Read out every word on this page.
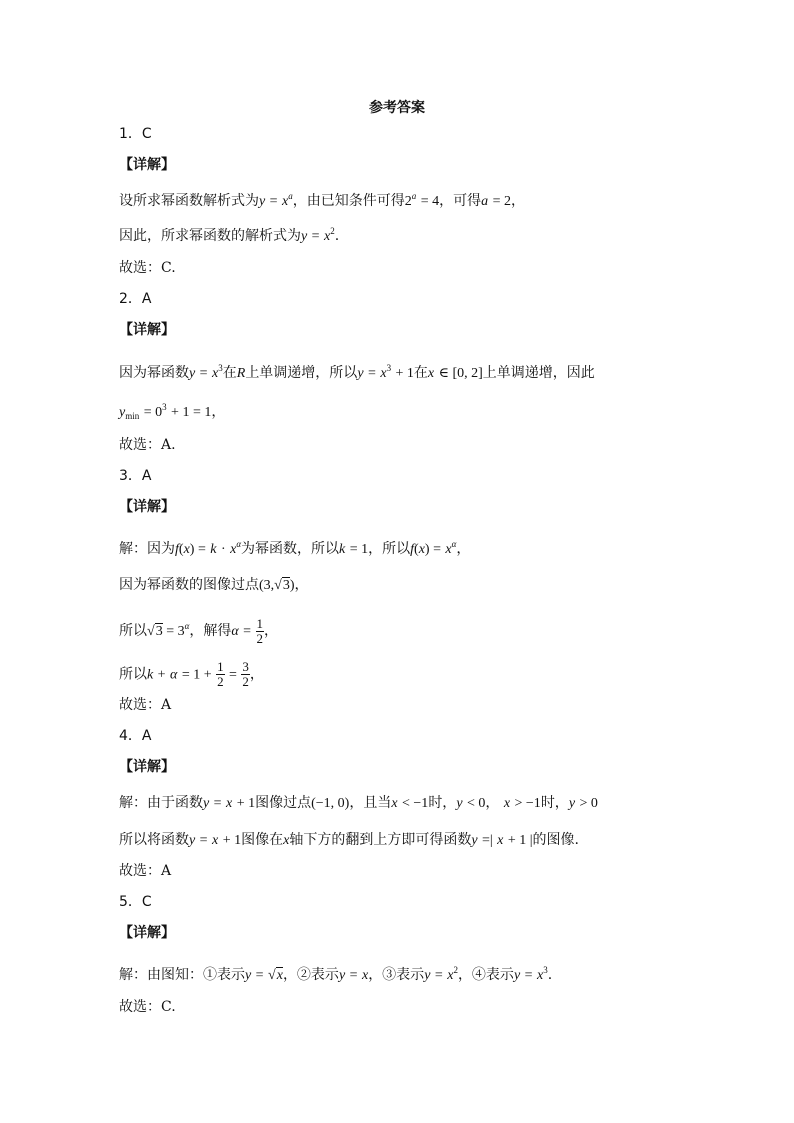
参考答案
1．C
【详解】
设所求幂函数解析式为$y = x^a$，由已知条件可得$2^a = 4$，可得a = 2，
因此，所求幂函数的解析式为$y = x^2$.
故选：C.
2．A
【详解】
因为幂函数$y = x^3$在R上单调递增，所以$y = x^3 + 1$在x ∈ [0, 2]上单调递增，因此
$y_{min} = 0^3 + 1 = 1$，
故选：A.
3．A
【详解】
解：因为$f(x) = k \cdot x^\alpha$为幂函数，所以k = 1，所以$f(x) = x^\alpha$，
因为幂函数的图像过点(3,√3)，
所以$√3 = 3^\alpha$，解得$\alpha = \frac{1}{2}$ ，
所以$k + \alpha = 1 + \frac{1}{2} = \frac{3}{2}$ ，
故选：A
4．A
【详解】
解：由于函数y = x + 1图像过点(−1, 0)，且当x < −1时，y < 0， x > −1时，y > 0
所以将函数y = x + 1图像在x轴下方的翻到上方即可得函数y =| x + 1 |的图像.
故选：A
5．C
【详解】
解：由图知：①表示y = √x，②表示y = x，③表示$y = x^2$，④表示$y = x^3$.
故选：C.
